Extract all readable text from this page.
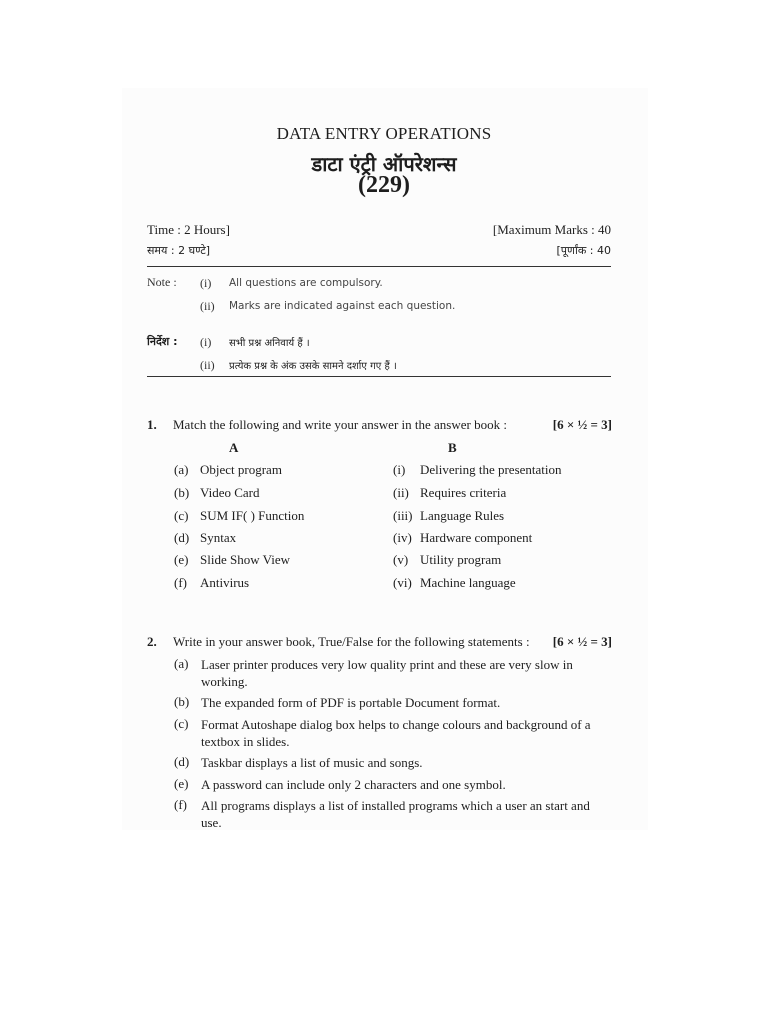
DATA ENTRY OPERATIONS
डाटा एंट्री ऑपरेशन्स
(229)
Time : 2 Hours]	[Maximum Marks : 40
समय : 2 घण्टे]	[पूर्णांक : 40
Note : (i) All questions are compulsory.
(ii) Marks are indicated against each question.
निर्देश : (i) सभी प्रश्न अनिवार्य हैं ।
(ii) प्रत्येक प्रश्न के अंक उसके सामने दर्शाए गए हैं ।
1. Match the following and write your answer in the answer book :	[6 × ½ = 3]
A	B
(a) Object program	(i) Delivering the presentation
(b) Video Card	(ii) Requires criteria
(c) SUM IF( ) Function	(iii) Language Rules
(d) Syntax	(iv) Hardware component
(e) Slide Show View	(v) Utility program
(f) Antivirus	(vi) Machine language
2. Write in your answer book, True/False for the following statements : [6 × ½ = 3]
(a) Laser printer produces very low quality print and these are very slow in working.
(b) The expanded form of PDF is portable Document format.
(c) Format Autoshape dialog box helps to change colours and background of a textbox in slides.
(d) Taskbar displays a list of music and songs.
(e) A password can include only 2 characters and one symbol.
(f) All programs displays a list of installed programs which a user an start and use.
